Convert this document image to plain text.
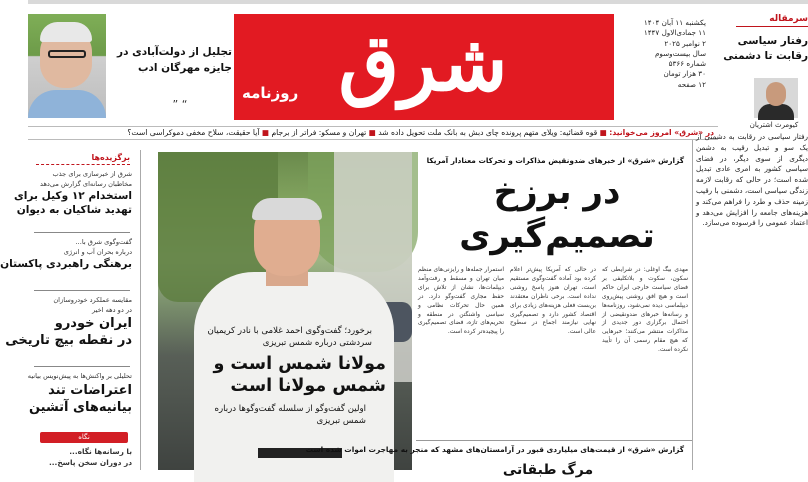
تجلیل از دولت‌آبادی در جایزه مهرگان ادب
“ ”	شرق
روزنامه
یکشنبه ۱۱ آبان ۱۴۰۴
۱۱ جمادی‌الاول ۱۴۴۷
۲ نوامبر ۲۰۲۵
سال بیست‌وسوم
شماره ۵۳۶۶
۳۰ هزار تومان
۱۲ صفحه
سرمقاله
رفتار سیاسی رقابت تا دشمنی
کیومرث اشتریان
در «شرق» امروز می‌خوانید: ■ قوه قضائیه: ویلای متهم پرونده چای دبش به بانک ملت تحویل داده شد ■ تهران و مسکو: فراتر از برجام ■ آیا حقیقت، سلاح مخفی دموکراسی است؟
برگزیده‌ها
شرق از خبرسازی برای جذب
مخاطبان رسانه‌ای گزارش می‌دهد
استخدام ۱۲ وکیل برای
تهدید شاکیان به دیوان
گفت‌وگوی شرق با...
درباره بحران آب و انرژی
برهنگی راهبردی پاکستان
مقایسه عملکرد خودروسازان
در دو دهه اخیر
ایران خودرو
در نقطه بیچ تاریخی
تحلیلی بر واکنش‌ها به پیش‌نویس بیانیه
اعتراضات تند
بیانیه‌های آتشین
نگاه
با رسانه‌ها نگاه...
در دوران سخن پاسخ...
برخورد؛ گفت‌وگوی احمد غلامی با نادر کریمیان سردشتی درباره شمس تبریزی
مولانا شمس است و شمس مولانا است
اولین گفت‌وگو از سلسله گفت‌وگوها درباره شمس تبریزی
گزارش «شرق» از خبرهای ضدونقیض مذاکرات و تحرکات معنادار آمریکا
در برزخ
تصمیم‌گیری
مهدی بیگ اوغلی: در شرایطی که سکون، سکوت و بلاتکلیفی بر فضای سیاست خارجی ایران حاکم است و هیچ افق روشنی پیش‌روی دیپلماسی دیده نمی‌شود، روزنامه‌ها و رسانه‌ها خبرهای ضدونقیضی از احتمال برگزاری دور جدیدی از مذاکرات منتشر می‌کنند؛ خبرهایی که هیچ مقام رسمی آن را تأیید نکرده است.
در حالی که آمریکا پیش‌تر اعلام کرده بود آماده گفت‌وگوی مستقیم است، تهران هنوز پاسخ روشنی نداده است. برخی ناظران معتقدند بن‌بست فعلی هزینه‌های زیادی برای اقتصاد کشور دارد و تصمیم‌گیری نهایی نیازمند اجماع در سطوح عالی است.
استمرار جمله‌ها و رایزنی‌های منظم میان تهران و مسقط و رفت‌وآمد دیپلمات‌ها، نشان از تلاش برای حفظ مجاری گفت‌وگو دارد. در همین حال تحرکات نظامی و سیاسی واشنگتن در منطقه و تحریم‌های تازه، فضای تصمیم‌گیری را پیچیده‌تر کرده است.
گزارش «شرق» از قیمت‌های میلیاردی قبور در آرامستان‌های مشهد که منجر به مهاجرت اموات شده است
مرگ طبقاتی
رفتار سیاسی در رقابت به دشمنی از یک سو و تبدیل رقیب به دشمن دیگری از سوی دیگر، در فضای سیاسی کشور به امری عادی تبدیل شده است؛ در حالی که رقابت لازمه زندگی سیاسی است، دشمنی با رقیب زمینه حذف و طرد را فراهم می‌کند و هزینه‌های جامعه را افزایش می‌دهد و اعتماد عمومی را فرسوده می‌سازد.
